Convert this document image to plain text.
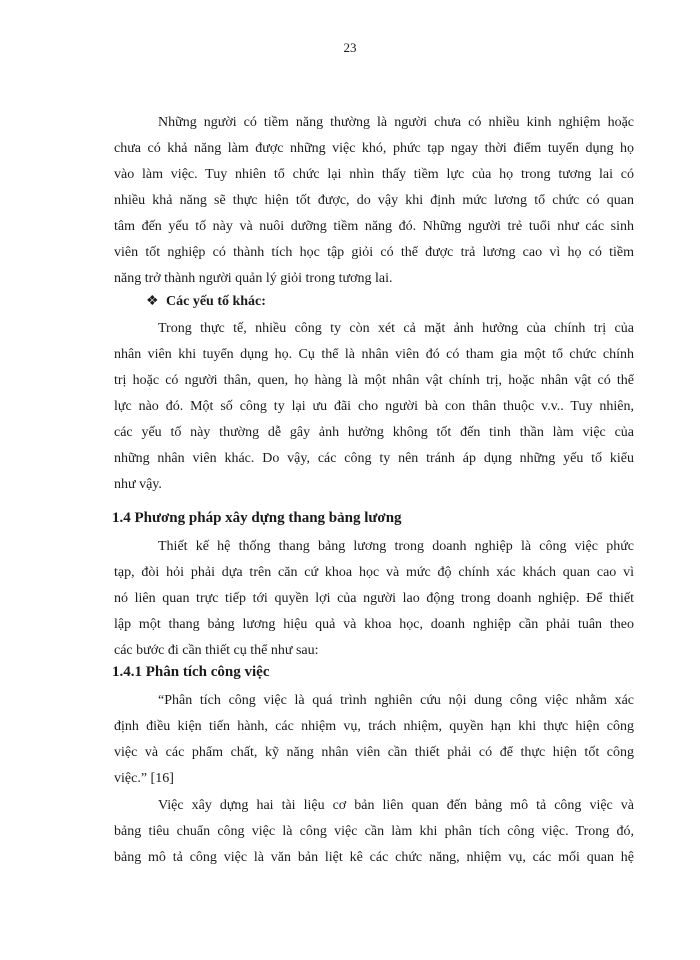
23
Những người có tiềm năng thường là người chưa có nhiều kinh nghiệm hoặc
chưa có khả năng làm được những việc khó, phức tạp ngay thời điểm tuyển dụng họ
vào làm việc. Tuy nhiên tổ chức lại nhìn thấy tiềm lực của họ trong tương lai có
nhiều khả năng sẽ thực hiện tốt được, do vậy khi định mức lương tổ chức có quan
tâm đến yếu tố này và nuôi dưỡng tiềm năng đó. Những người trẻ tuổi như các sinh
viên tốt nghiệp có thành tích học tập giỏi có thể được trả lương cao vì họ có tiềm
năng trở thành người quản lý giỏi trong tương lai.
❖ Các yếu tố khác:
Trong thực tế, nhiều công ty còn xét cả mặt ảnh hưởng của chính trị của
nhân viên khi tuyển dụng họ. Cụ thể là nhân viên đó có tham gia một tổ chức chính
trị hoặc có người thân, quen, họ hàng là một nhân vật chính trị, hoặc nhân vật có thể
lực nào đó. Một số công ty lại ưu đãi cho người bà con thân thuộc v.v.. Tuy nhiên,
các yếu tố này thường dễ gây ảnh hưởng không tốt đến tinh thần làm việc của
những nhân viên khác. Do vậy, các công ty nên tránh áp dụng những yếu tố kiểu
như vậy.
1.4 Phương pháp xây dựng thang bảng lương
Thiết kế hệ thống thang bảng lương trong doanh nghiệp là công việc phức
tạp, đòi hỏi phải dựa trên căn cứ khoa học và mức độ chính xác khách quan cao vì
nó liên quan trực tiếp tới quyền lợi của người lao động trong doanh nghiệp. Để thiết
lập một thang bảng lương hiệu quả và khoa học, doanh nghiệp cần phải tuân theo
các bước đi cần thiết cụ thể như sau:
1.4.1 Phân tích công việc
“Phân tích công việc là quá trình nghiên cứu nội dung công việc nhằm xác
định điều kiện tiến hành, các nhiệm vụ, trách nhiệm, quyền hạn khi thực hiện công
việc và các phẩm chất, kỹ năng nhân viên cần thiết phải có để thực hiện tốt công
việc.” [16]
Việc xây dựng hai tài liệu cơ bản liên quan đến bảng mô tả công việc và
bảng tiêu chuẩn công việc là công việc cần làm khi phân tích công việc. Trong đó,
bảng mô tả công việc là văn bản liệt kê các chức năng, nhiệm vụ, các mối quan hệ
